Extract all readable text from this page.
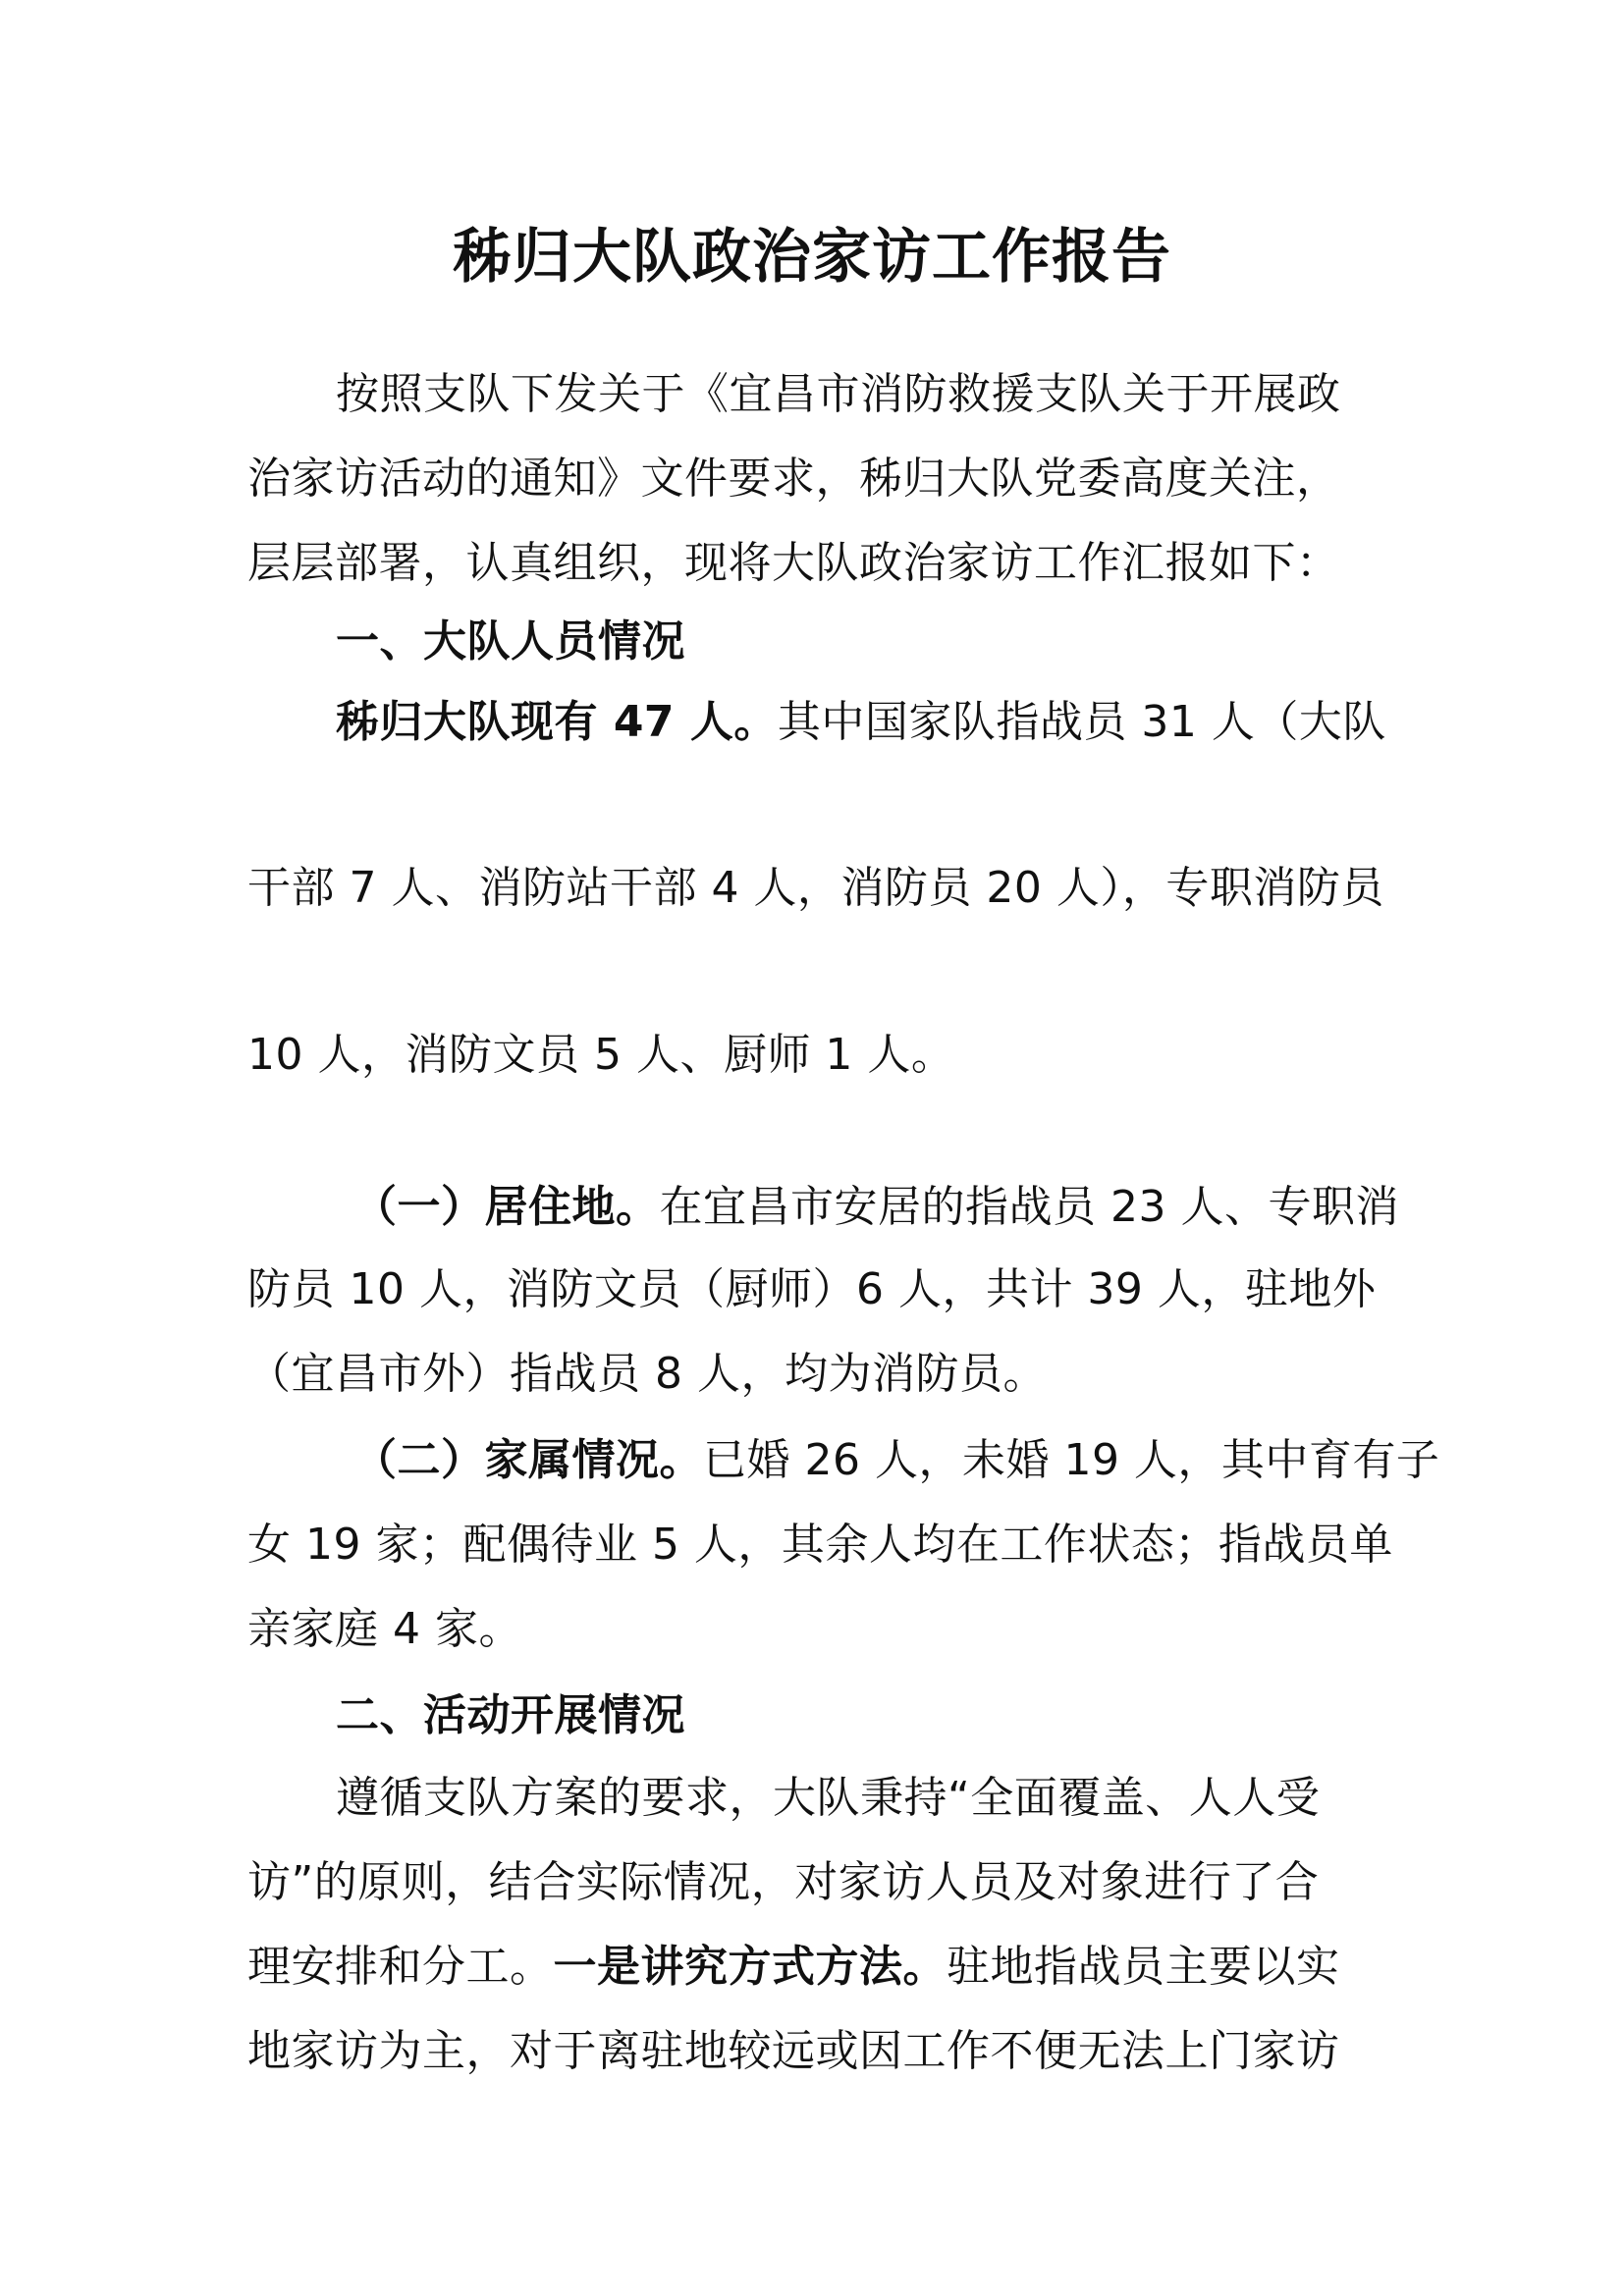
秭归大队政治家访工作报告
按照支队下发关于《宜昌市消防救援支队关于开展政
治家访活动的通知》文件要求，秭归大队党委高度关注，
层层部署，认真组织，现将大队政治家访工作汇报如下：
一、大队人员情况
秭归大队现有 47 人。其中国家队指战员 31 人（大队
干部 7 人、消防站干部 4 人，消防员 20 人），专职消防员
10 人，消防文员 5 人、厨师 1 人。
（一）居住地。在宜昌市安居的指战员 23 人、专职消
防员 10 人，消防文员（厨师）6 人，共计 39 人，驻地外
（宜昌市外）指战员 8 人，均为消防员。
（二）家属情况。已婚 26 人，未婚 19 人，其中育有子
女 19 家；配偶待业 5 人，其余人均在工作状态；指战员单
亲家庭 4 家。
二、活动开展情况
遵循支队方案的要求，大队秉持“全面覆盖、人人受
访”的原则，结合实际情况，对家访人员及对象进行了合
理安排和分工。一是讲究方式方法。驻地指战员主要以实
地家访为主，对于离驻地较远或因工作不便无法上门家访
